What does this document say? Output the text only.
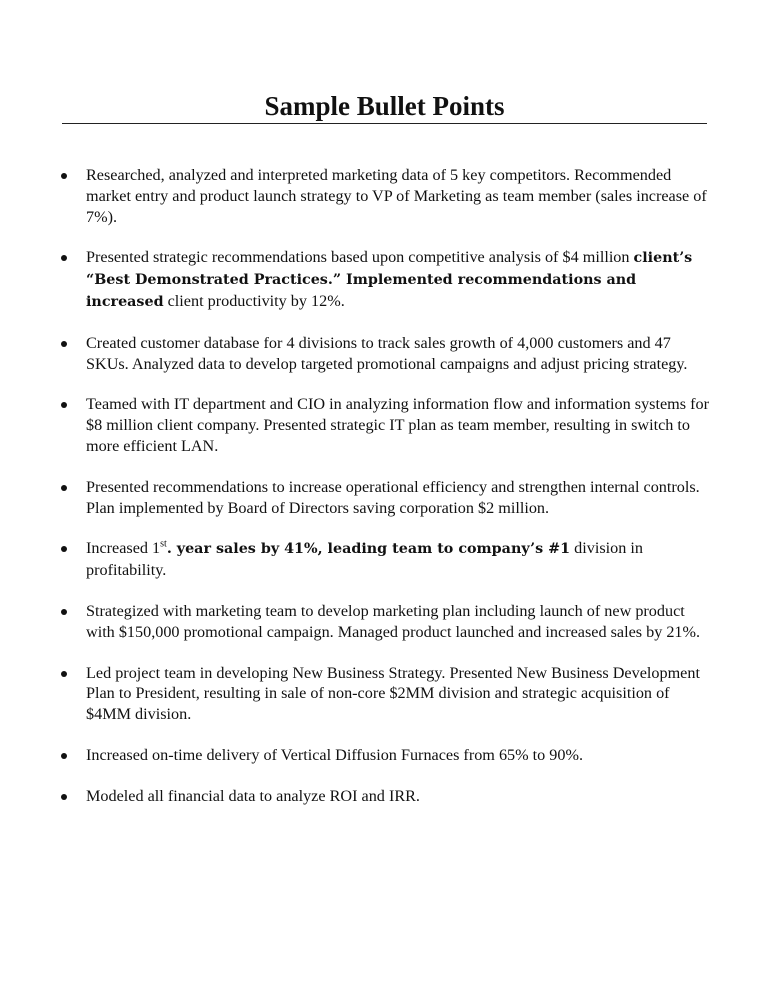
Sample Bullet Points
Researched, analyzed and interpreted marketing data of 5 key competitors. Recommended market entry and product launch strategy to VP of Marketing as team member (sales increase of 7%).
Presented strategic recommendations based upon competitive analysis of $4 million client’s “Best Demonstrated Practices.” Implemented recommendations and increased client productivity by 12%.
Created customer database for 4 divisions to track sales growth of 4,000 customers and 47 SKUs. Analyzed data to develop targeted promotional campaigns and adjust pricing strategy.
Teamed with IT department and CIO in analyzing information flow and information systems for $8 million client company. Presented strategic IT plan as team member, resulting in switch to more efficient LAN.
Presented recommendations to increase operational efficiency and strengthen internal controls. Plan implemented by Board of Directors saving corporation $2 million.
Increased 1st. year sales by 41%, leading team to company’s #1 division in profitability.
Strategized with marketing team to develop marketing plan including launch of new product with $150,000 promotional campaign. Managed product launched and increased sales by 21%.
Led project team in developing New Business Strategy. Presented New Business Development Plan to President, resulting in sale of non-core $2MM division and strategic acquisition of $4MM division.
Increased on-time delivery of Vertical Diffusion Furnaces from 65% to 90%.
Modeled all financial data to analyze ROI and IRR.
